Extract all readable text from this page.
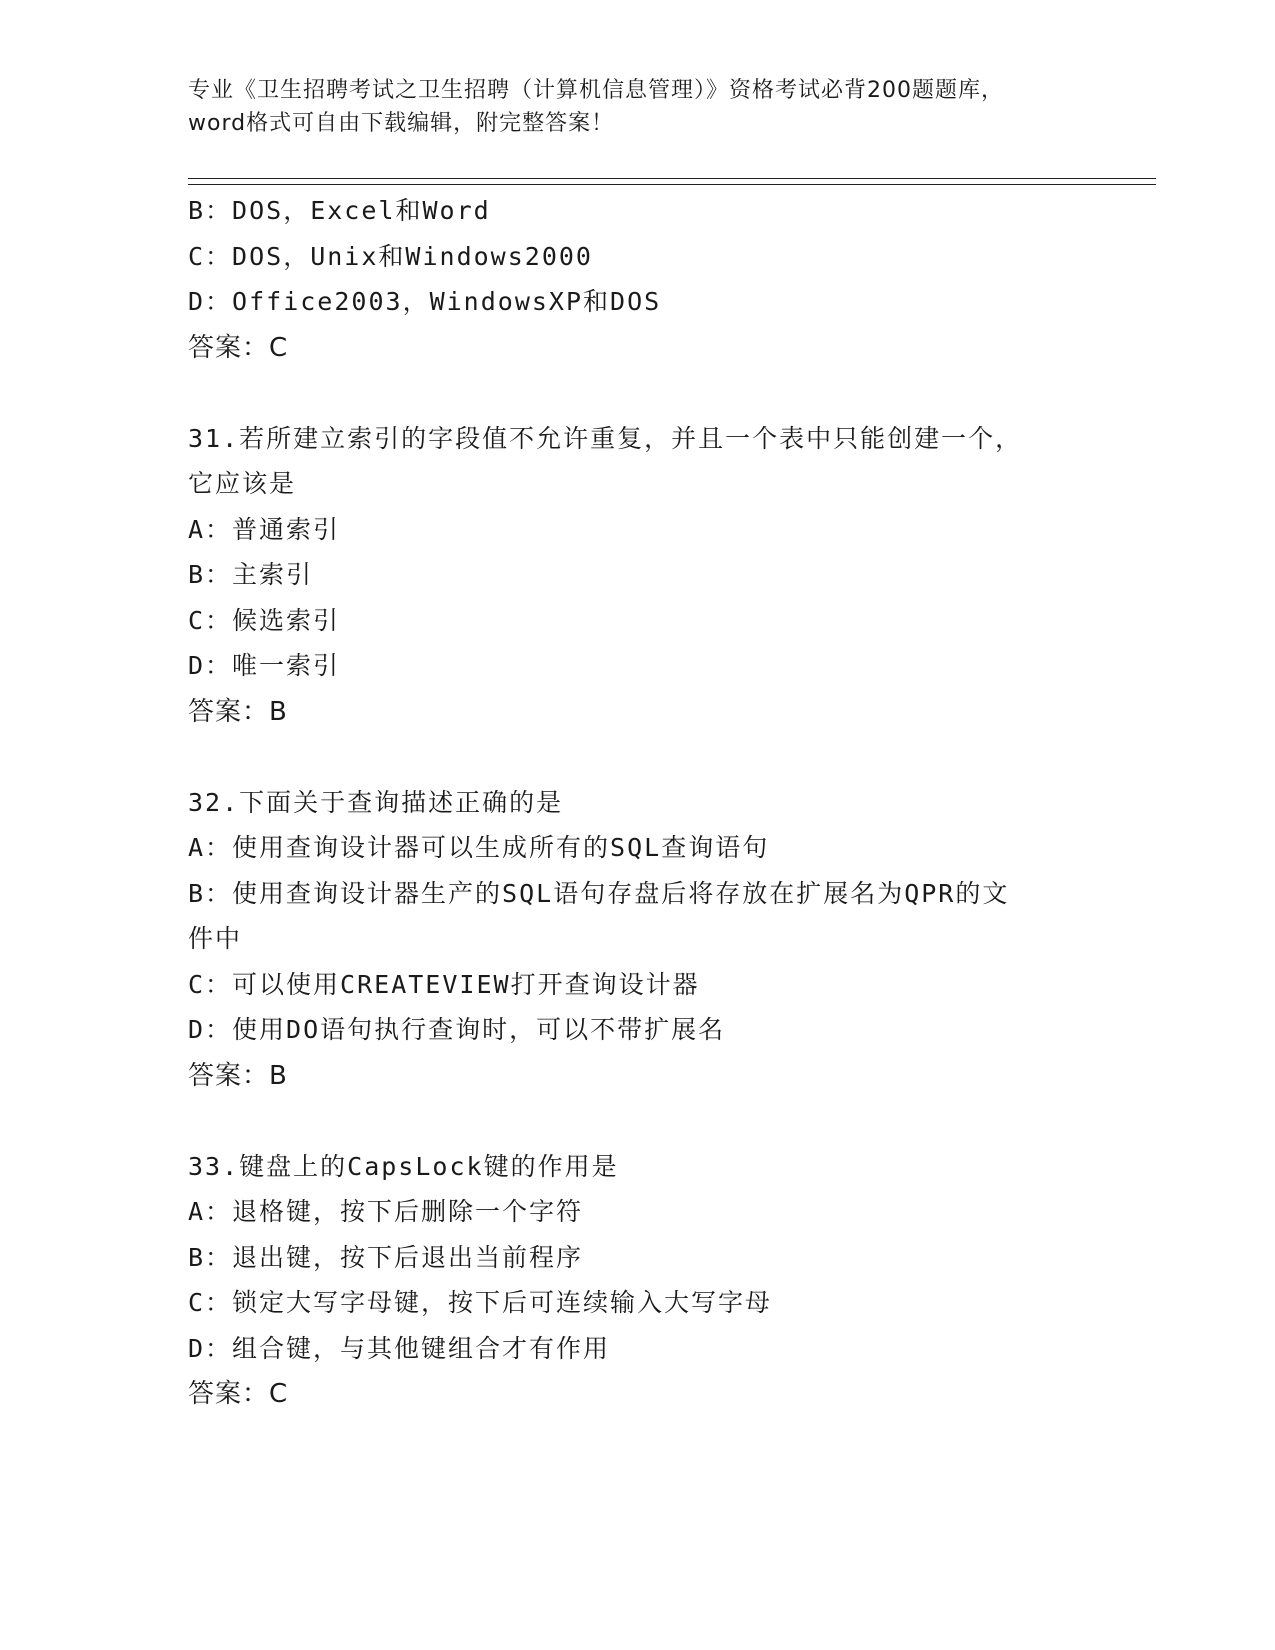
专业《卫生招聘考试之卫生招聘（计算机信息管理）》资格考试必背200题题库，
word格式可自由下载编辑，附完整答案！
B：DOS，Excel和Word
C：DOS，Unix和Windows2000
D：Office2003，WindowsXP和DOS
答案：C
31.若所建立索引的字段值不允许重复，并且一个表中只能创建一个，
它应该是
A：普通索引
B：主索引
C：候选索引
D：唯一索引
答案：B
32.下面关于查询描述正确的是
A：使用查询设计器可以生成所有的SQL查询语句
B：使用查询设计器生产的SQL语句存盘后将存放在扩展名为QPR的文
件中
C：可以使用CREATEVIEW打开查询设计器
D：使用DO语句执行查询时，可以不带扩展名
答案：B
33.键盘上的CapsLock键的作用是
A：退格键，按下后删除一个字符
B：退出键，按下后退出当前程序
C：锁定大写字母键，按下后可连续输入大写字母
D：组合键，与其他键组合才有作用
答案：C
